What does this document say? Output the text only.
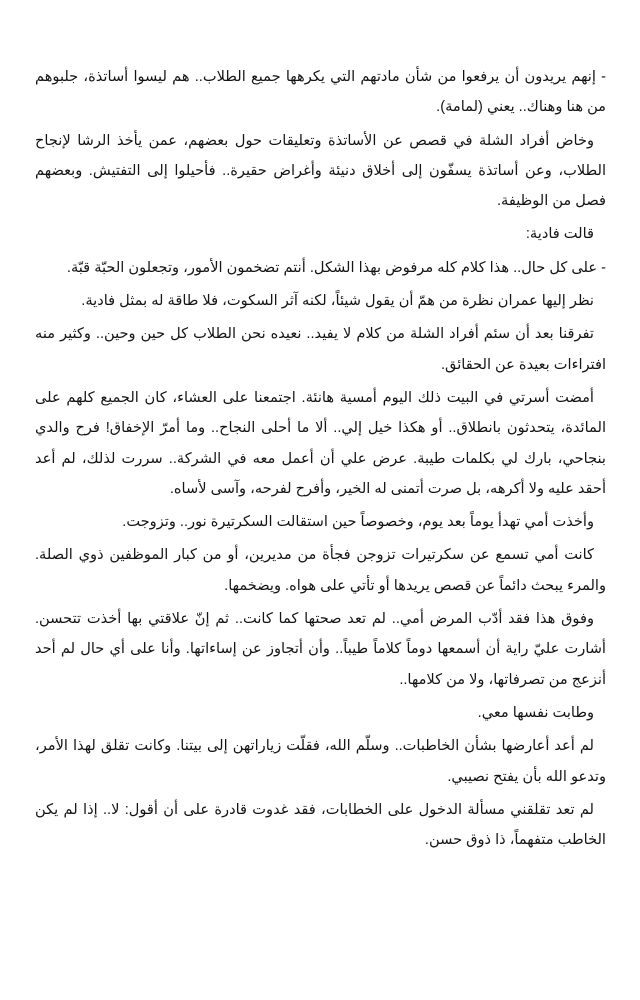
- إنهم يريدون أن يرفعوا من شأن مادتهم التي يكرهها جميع الطلاب.. هم ليسوا أساتذة، جلبوهم من هنا وهناك.. يعني (لمامة).

وخاض أفراد الشلة في قصص عن الأساتذة وتعليقات حول بعضهم، عمن يأخذ الرشا لإنجاح الطلاب، وعن أساتذة يسفّون إلى أخلاق دنيئة وأغراض حقيرة.. فأحيلوا إلى التفتيش. وبعضهم فصل من الوظيفة.

قالت فادية:

- على كل حال.. هذا كلام كله مرفوض بهذا الشكل. أنتم تضخمون الأمور، وتجعلون الحبّة قبّة.

نظر إليها عمران نظرة من همّ أن يقول شيئاً، لكنه آثر السكوت، فلا طاقة له بمثل فادية.

تفرقنا بعد أن سئم أفراد الشلة من كلام لا يفيد.. نعيده نحن الطلاب كل حين وحين.. وكثير منه افتراءات بعيدة عن الحقائق.

أمضت أسرتي في البيت ذلك اليوم أمسية هانئة. اجتمعنا على العشاء، كان الجميع كلهم على المائدة، يتحدثون بانطلاق.. أو هكذا خيل إلي.. ألا ما أحلى النجاح.. وما أمرّ الإخفاق! فرح والدي بنجاحي، بارك لي بكلمات طيبة. عرض علي أن أعمل معه في الشركة.. سررت لذلك، لم أعد أحقد عليه ولا أكرهه، بل صرت أتمنى له الخير، وأفرح لفرحه، وآسى لأساه.

وأخذت أمي تهدأ يوماً بعد يوم، وخصوصاً حين استقالت السكرتيرة نور.. وتزوجت.

كانت أمي تسمع عن سكرتيرات تزوجن فجأة من مديرين، أو من كبار الموظفين ذوي الصلة. والمرء يبحث دائماً عن قصص يريدها أو تأتي على هواه. ويضخمها.

وفوق هذا فقد أدّب المرض أمي.. لم تعد صحتها كما كانت.. ثم إنّ علاقتي بها أخذت تتحسن. أشارت عليّ راية أن أسمعها دوماً كلاماً طيباً.. وأن أتجاوز عن إساءاتها. وأنا على أي حال لم أحد أنزعج من تصرفاتها، ولا من كلامها..

وطابت نفسها معي.

لم أعد أعارضها بشأن الخاطبات.. وسلّم الله، فقلّت زياراتهن إلى بيتنا. وكانت تقلق لهذا الأمر، وتدعو الله بأن يفتح نصيبي.

لم تعد تقلقني مسألة الدخول على الخطابات، فقد غدوت قادرة على أن أقول: لا.. إذا لم يكن الخاطب متفهماً، ذا ذوق حسن.
